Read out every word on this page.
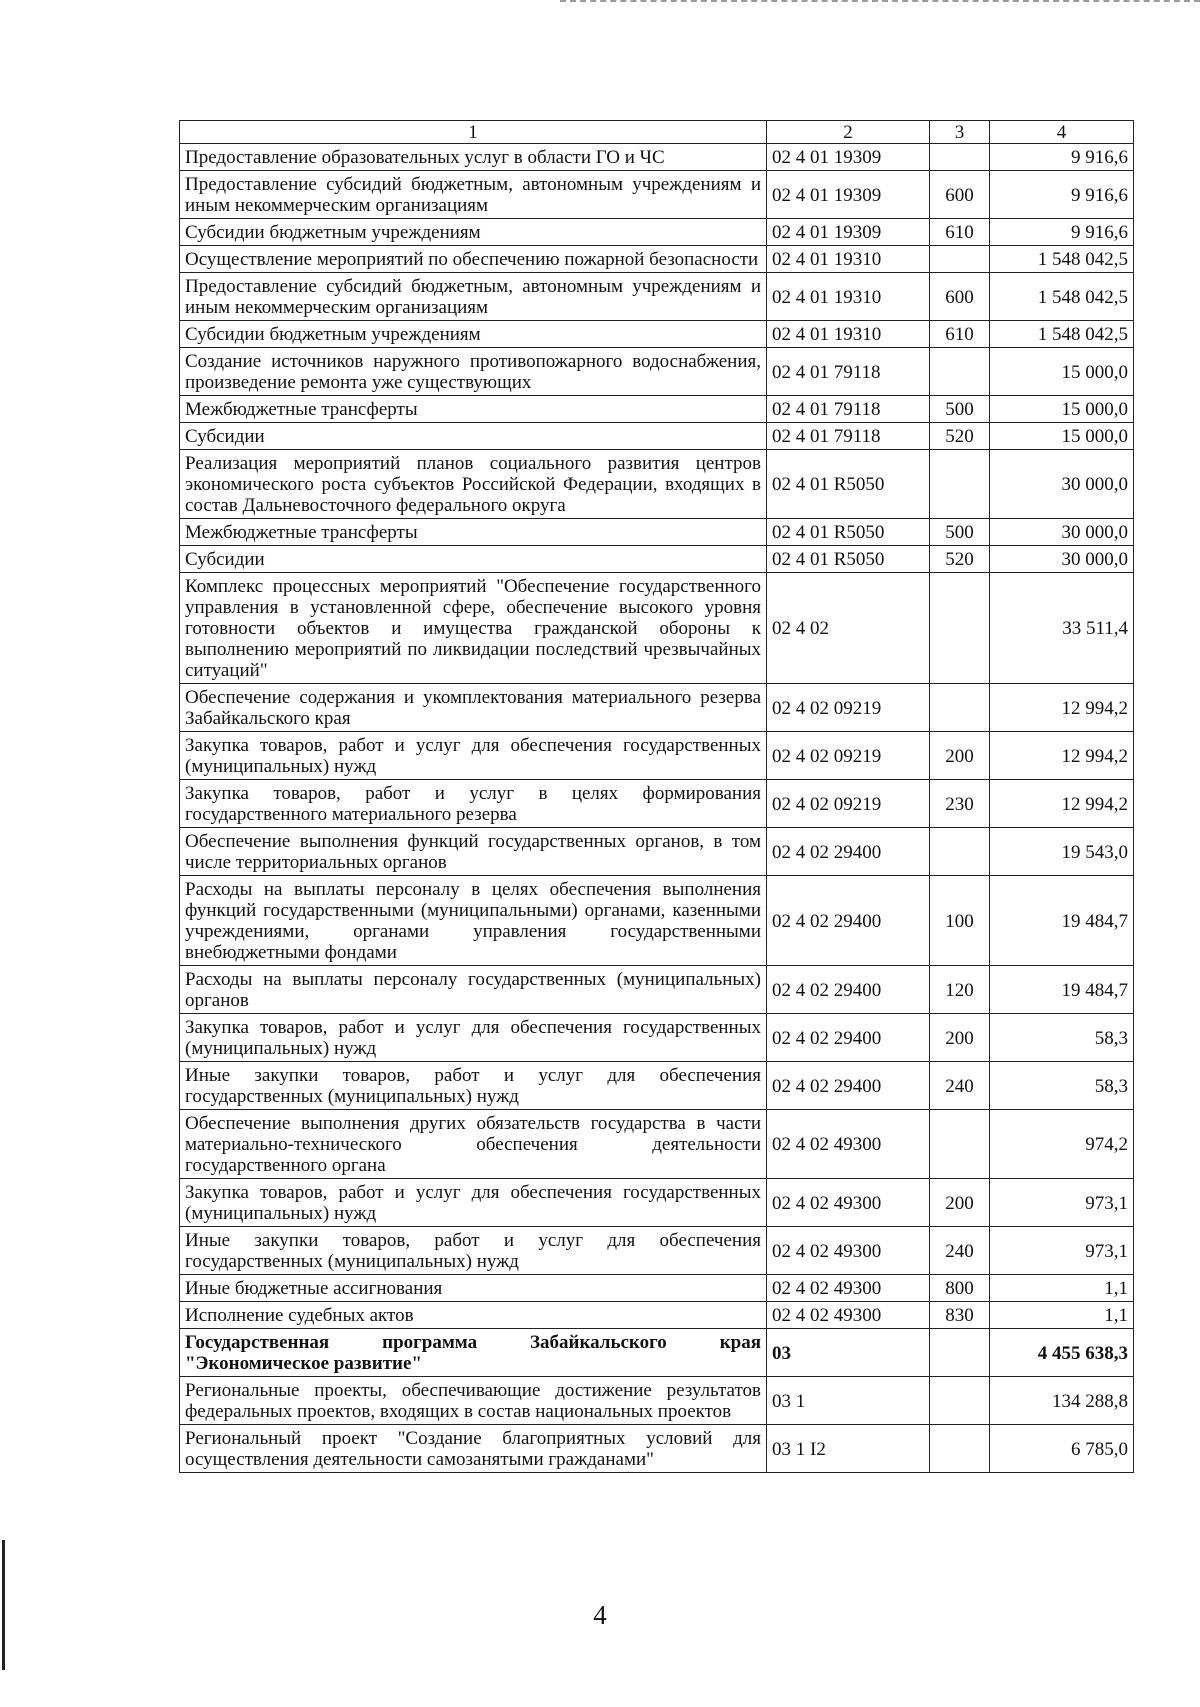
1	2	3	4
Предоставление образовательных услуг в области ГО и ЧС	02 4 01 19309		9 916,6
Предоставление субсидий бюджетным, автономным учреждениям и иным некоммерческим организациям	02 4 01 19309	600	9 916,6
Субсидии бюджетным учреждениям	02 4 01 19309	610	9 916,6
Осуществление мероприятий по обеспечению пожарной безопасности	02 4 01 19310		1 548 042,5
Предоставление субсидий бюджетным, автономным учреждениям и иным некоммерческим организациям	02 4 01 19310	600	1 548 042,5
Субсидии бюджетным учреждениям	02 4 01 19310	610	1 548 042,5
Создание источников наружного противопожарного водоснабжения, произведение ремонта уже существующих	02 4 01 79118		15 000,0
Межбюджетные трансферты	02 4 01 79118	500	15 000,0
Субсидии	02 4 01 79118	520	15 000,0
Реализация мероприятий планов социального развития центров экономического роста субъектов Российской Федерации, входящих в состав Дальневосточного федерального округа	02 4 01 R5050		30 000,0
Межбюджетные трансферты	02 4 01 R5050	500	30 000,0
Субсидии	02 4 01 R5050	520	30 000,0
Комплекс процессных мероприятий "Обеспечение государственного управления в установленной сфере, обеспечение высокого уровня готовности объектов и имущества гражданской обороны к выполнению мероприятий по ликвидации последствий чрезвычайных ситуаций"	02 4 02		33 511,4
Обеспечение содержания и укомплектования материального резерва Забайкальского края	02 4 02 09219		12 994,2
Закупка товаров, работ и услуг для обеспечения государственных (муниципальных) нужд	02 4 02 09219	200	12 994,2
Закупка товаров, работ и услуг в целях формирования государственного материального резерва	02 4 02 09219	230	12 994,2
Обеспечение выполнения функций государственных органов, в том числе территориальных органов	02 4 02 29400		19 543,0
Расходы на выплаты персоналу в целях обеспечения выполнения функций государственными (муниципальными) органами, казенными учреждениями, органами управления государственными внебюджетными фондами	02 4 02 29400	100	19 484,7
Расходы на выплаты персоналу государственных (муниципальных) органов	02 4 02 29400	120	19 484,7
Закупка товаров, работ и услуг для обеспечения государственных (муниципальных) нужд	02 4 02 29400	200	58,3
Иные закупки товаров, работ и услуг для обеспечения государственных (муниципальных) нужд	02 4 02 29400	240	58,3
Обеспечение выполнения других обязательств государства в части материально-технического обеспечения деятельности государственного органа	02 4 02 49300		974,2
Закупка товаров, работ и услуг для обеспечения государственных (муниципальных) нужд	02 4 02 49300	200	973,1
Иные закупки товаров, работ и услуг для обеспечения государственных (муниципальных) нужд	02 4 02 49300	240	973,1
Иные бюджетные ассигнования	02 4 02 49300	800	1,1
Исполнение судебных актов	02 4 02 49300	830	1,1
Государственная программа Забайкальского края "Экономическое развитие"	03		4 455 638,3
Региональные проекты, обеспечивающие достижение результатов федеральных проектов, входящих в состав национальных проектов	03 1		134 288,8
Региональный проект "Создание благоприятных условий для осуществления деятельности самозанятыми гражданами"	03 1 I2		6 785,0
4
